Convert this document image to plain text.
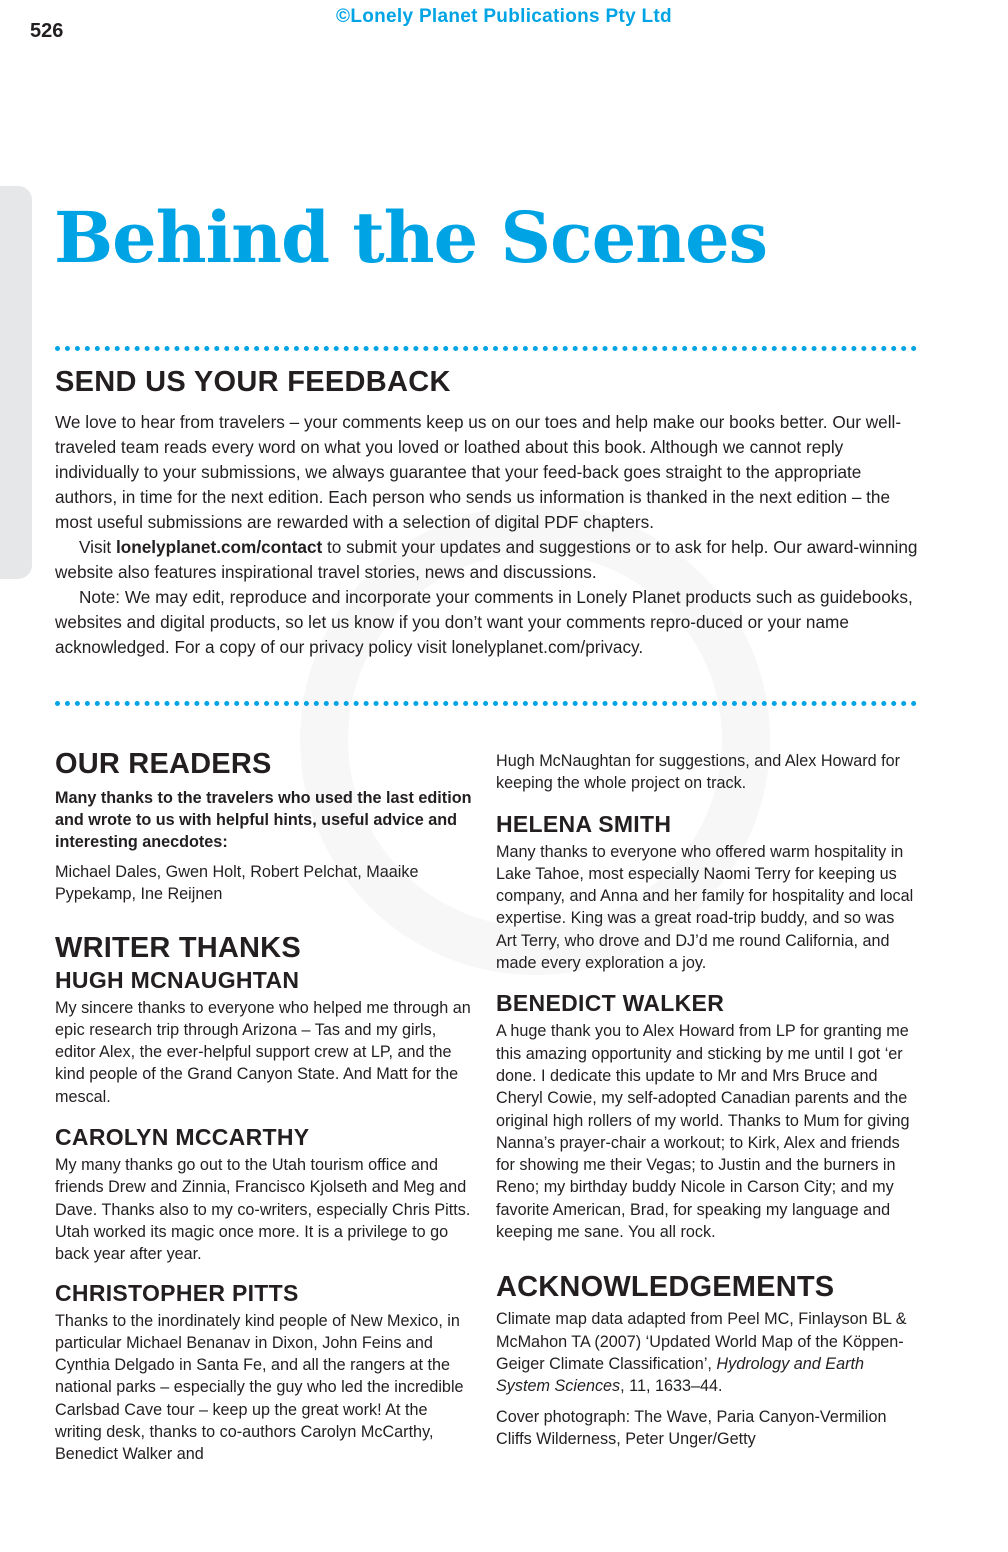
©Lonely Planet Publications Pty Ltd
526
Behind the Scenes
SEND US YOUR FEEDBACK

We love to hear from travelers – your comments keep us on our toes and help make our books better. Our well-traveled team reads every word on what you loved or loathed about this book. Although we cannot reply individually to your submissions, we always guarantee that your feed-back goes straight to the appropriate authors, in time for the next edition. Each person who sends us information is thanked in the next edition – the most useful submissions are rewarded with a selection of digital PDF chapters.

Visit lonelyplanet.com/contact to submit your updates and suggestions or to ask for help. Our award-winning website also features inspirational travel stories, news and discussions.

Note: We may edit, reproduce and incorporate your comments in Lonely Planet products such as guidebooks, websites and digital products, so let us know if you don’t want your comments repro-duced or your name acknowledged. For a copy of our privacy policy visit lonelyplanet.com/privacy.

OUR READERS

Many thanks to the travelers who used the last edition and wrote to us with helpful hints, useful advice and interesting anecdotes:

Michael Dales, Gwen Holt, Robert Pelchat, Maaike Pypekamp, Ine Reijnen

WRITER THANKS
HUGH MCNAUGHTAN

My sincere thanks to everyone who helped me through an epic research trip through Arizona – Tas and my girls, editor Alex, the ever-helpful support crew at LP, and the kind people of the Grand Canyon State. And Matt for the mescal.

CAROLYN MCCARTHY

My many thanks go out to the Utah tourism office and friends Drew and Zinnia, Francisco Kjolseth and Meg and Dave. Thanks also to my co-writers, especially Chris Pitts. Utah worked its magic once more. It is a privilege to go back year after year.

CHRISTOPHER PITTS

Thanks to the inordinately kind people of New Mexico, in particular Michael Benanav in Dixon, John Feins and Cynthia Delgado in Santa Fe, and all the rangers at the national parks – especially the guy who led the incredible Carlsbad Cave tour – keep up the great work! At the writing desk, thanks to co-authors Carolyn McCarthy, Benedict Walker and

Hugh McNaughtan for suggestions, and Alex Howard for keeping the whole project on track.

HELENA SMITH

Many thanks to everyone who offered warm hospitality in Lake Tahoe, most especially Naomi Terry for keeping us company, and Anna and her family for hospitality and local expertise. King was a great road-trip buddy, and so was Art Terry, who drove and DJ’d me round California, and made every exploration a joy.

BENEDICT WALKER

A huge thank you to Alex Howard from LP for granting me this amazing opportunity and sticking by me until I got ‘er done. I dedicate this update to Mr and Mrs Bruce and Cheryl Cowie, my self-adopted Canadian parents and the original high rollers of my world. Thanks to Mum for giving Nanna’s prayer-chair a workout; to Kirk, Alex and friends for showing me their Vegas; to Justin and the burners in Reno; my birthday buddy Nicole in Carson City; and my favorite American, Brad, for speaking my language and keeping me sane. You all rock.

ACKNOWLEDGEMENTS

Climate map data adapted from Peel MC, Finlayson BL & McMahon TA (2007) ‘Updated World Map of the Köppen-Geiger Climate Classification’, Hydrology and Earth System Sciences, 11, 1633–44.

Cover photograph: The Wave, Paria Canyon-Vermilion Cliffs Wilderness, Peter Unger/Getty
